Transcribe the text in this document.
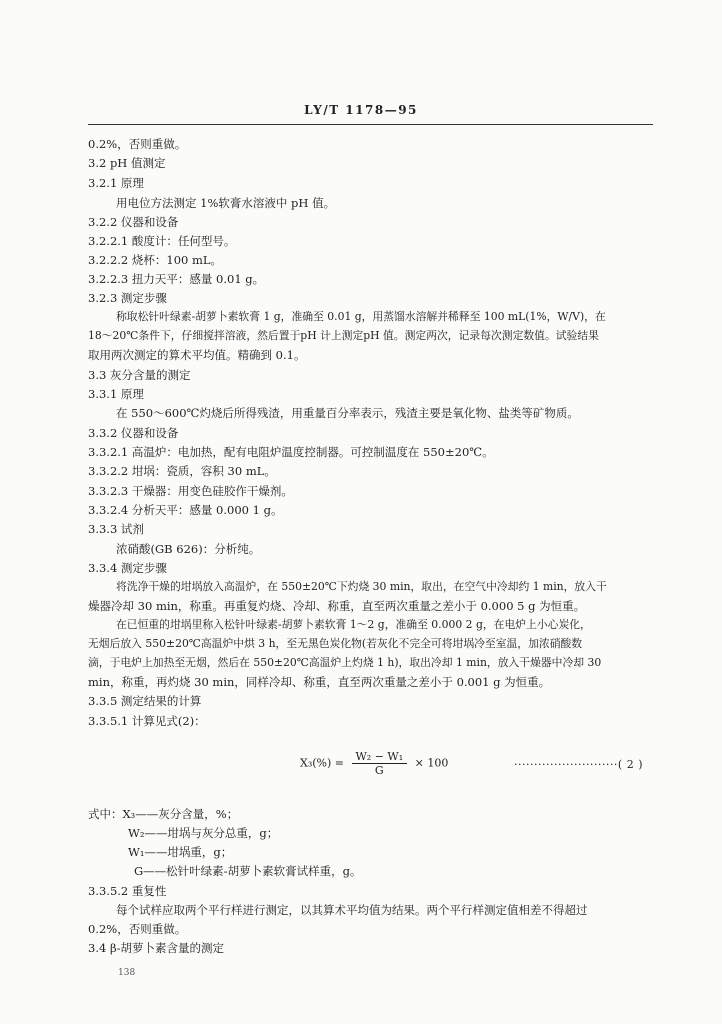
LY/T 1178—95
0.2%，否则重做。
3.2 pH 值测定
3.2.1 原理
用电位方法测定 1%软膏水溶液中 pH 值。
3.2.2 仪器和设备
3.2.2.1 酸度计：任何型号。
3.2.2.2 烧杯：100 mL。
3.2.2.3 扭力天平：感量 0.01 g。
3.2.3 测定步骤
称取松针叶绿素-胡萝卜素软膏 1 g，准确至 0.01 g，用蒸馏水溶解并稀释至 100 mL(1%，W/V)，在
18～20℃条件下，仔细搅拌溶液，然后置于pH 计上测定pH 值。测定两次，记录每次测定数值。试验结果
取用两次测定的算术平均值。精确到 0.1。
3.3 灰分含量的测定
3.3.1 原理
在 550～600℃灼烧后所得残渣，用重量百分率表示，残渣主要是氧化物、盐类等矿物质。
3.3.2 仪器和设备
3.3.2.1 高温炉：电加热，配有电阻炉温度控制器。可控制温度在 550±20℃。
3.3.2.2 坩埚：瓷质，容积 30 mL。
3.3.2.3 干燥器：用变色硅胶作干燥剂。
3.3.2.4 分析天平：感量 0.000 1 g。
3.3.3 试剂
浓硝酸(GB 626)：分析纯。
3.3.4 测定步骤
将洗净干燥的坩埚放入高温炉，在 550±20℃下灼烧 30 min，取出，在空气中冷却约 1 min，放入干
燥器冷却 30 min，称重。再重复灼烧、冷却、称重，直至两次重量之差小于 0.000 5 g 为恒重。
在已恒重的坩埚里称入松针叶绿素-胡萝卜素软膏 1～2 g，准确至 0.000 2 g，在电炉上小心炭化，
无烟后放入 550±20℃高温炉中烘 3 h，至无黑色炭化物(若灰化不完全可将坩埚冷至室温，加浓硝酸数
滴，于电炉上加热至无烟，然后在 550±20℃高温炉上灼烧 1 h)，取出冷却 1 min，放入干燥器中冷却 30
min，称重，再灼烧 30 min，同样冷却、称重，直至两次重量之差小于 0.001 g 为恒重。
3.3.5 测定结果的计算
3.3.5.1 计算见式(2)：
$X_3(\%) = \frac{\text{W₂ − W₁}}{G} \times 100$	··························( 2 )
式中：X₃——灰分含量，%；
W₂——坩埚与灰分总重，g；
W₁——坩埚重，g；
G——松针叶绿素-胡萝卜素软膏试样重，g。
3.3.5.2 重复性
每个试样应取两个平行样进行测定，以其算术平均值为结果。两个平行样测定值相差不得超过
0.2%，否则重做。
3.4 β-胡萝卜素含量的测定
138
